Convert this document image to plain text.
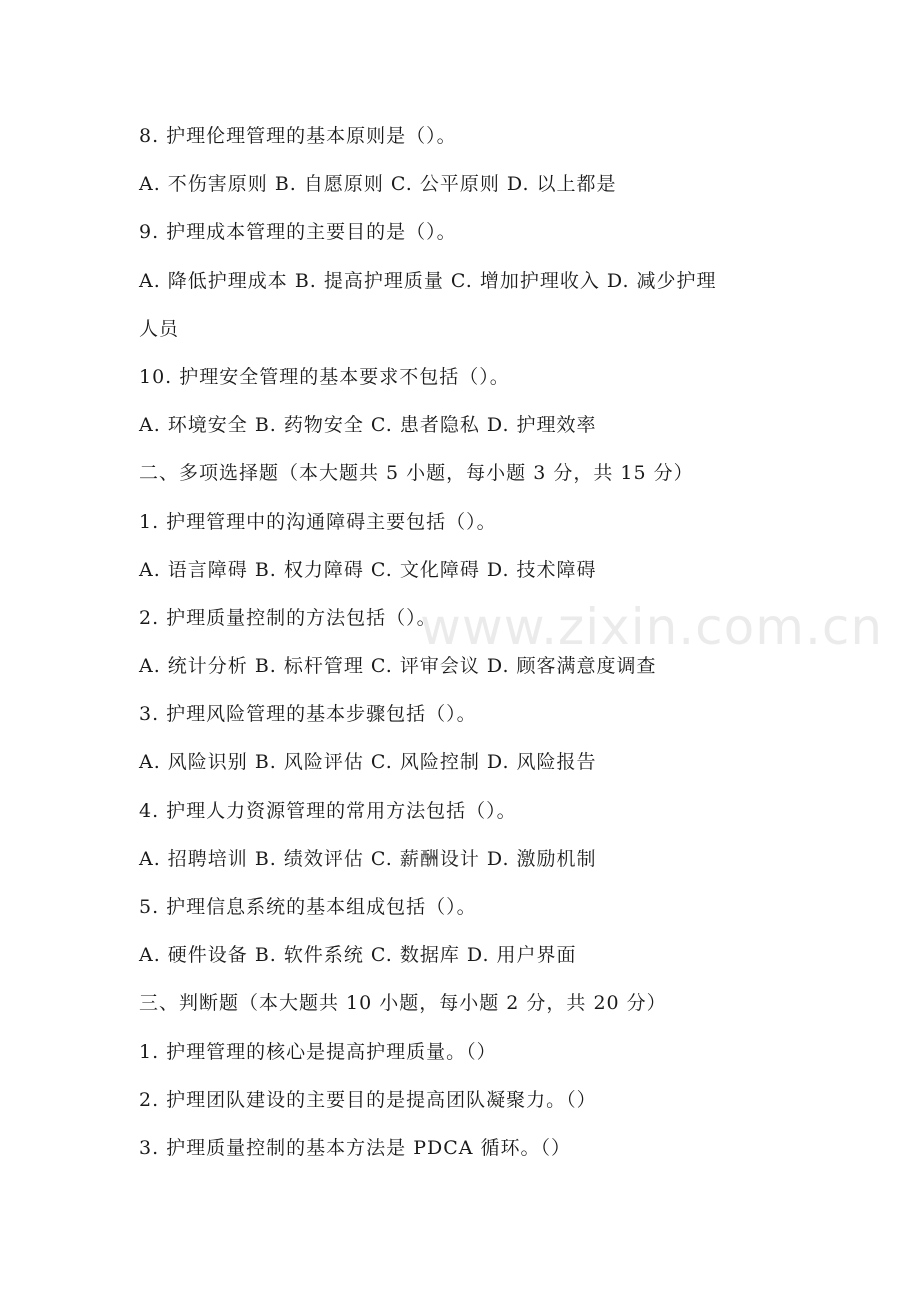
8. 护理伦理管理的基本原则是（）。
A. 不伤害原则 B. 自愿原则 C. 公平原则 D. 以上都是
9. 护理成本管理的主要目的是（）。
A. 降低护理成本 B. 提高护理质量 C. 增加护理收入 D. 减少护理
人员
10. 护理安全管理的基本要求不包括（）。
A. 环境安全 B. 药物安全 C. 患者隐私 D. 护理效率
二、多项选择题（本大题共 5 小题，每小题 3 分，共 15 分）
1. 护理管理中的沟通障碍主要包括（）。
A. 语言障碍 B. 权力障碍 C. 文化障碍 D. 技术障碍
2. 护理质量控制的方法包括（）。
A. 统计分析 B. 标杆管理 C. 评审会议 D. 顾客满意度调查
3. 护理风险管理的基本步骤包括（）。
A. 风险识别 B. 风险评估 C. 风险控制 D. 风险报告
4. 护理人力资源管理的常用方法包括（）。
A. 招聘培训 B. 绩效评估 C. 薪酬设计 D. 激励机制
5. 护理信息系统的基本组成包括（）。
A. 硬件设备 B. 软件系统 C. 数据库 D. 用户界面
三、判断题（本大题共 10 小题，每小题 2 分，共 20 分）
1. 护理管理的核心是提高护理质量。（）
2. 护理团队建设的主要目的是提高团队凝聚力。（）
3. 护理质量控制的基本方法是 PDCA 循环。（）
www.zixin.com.cn
